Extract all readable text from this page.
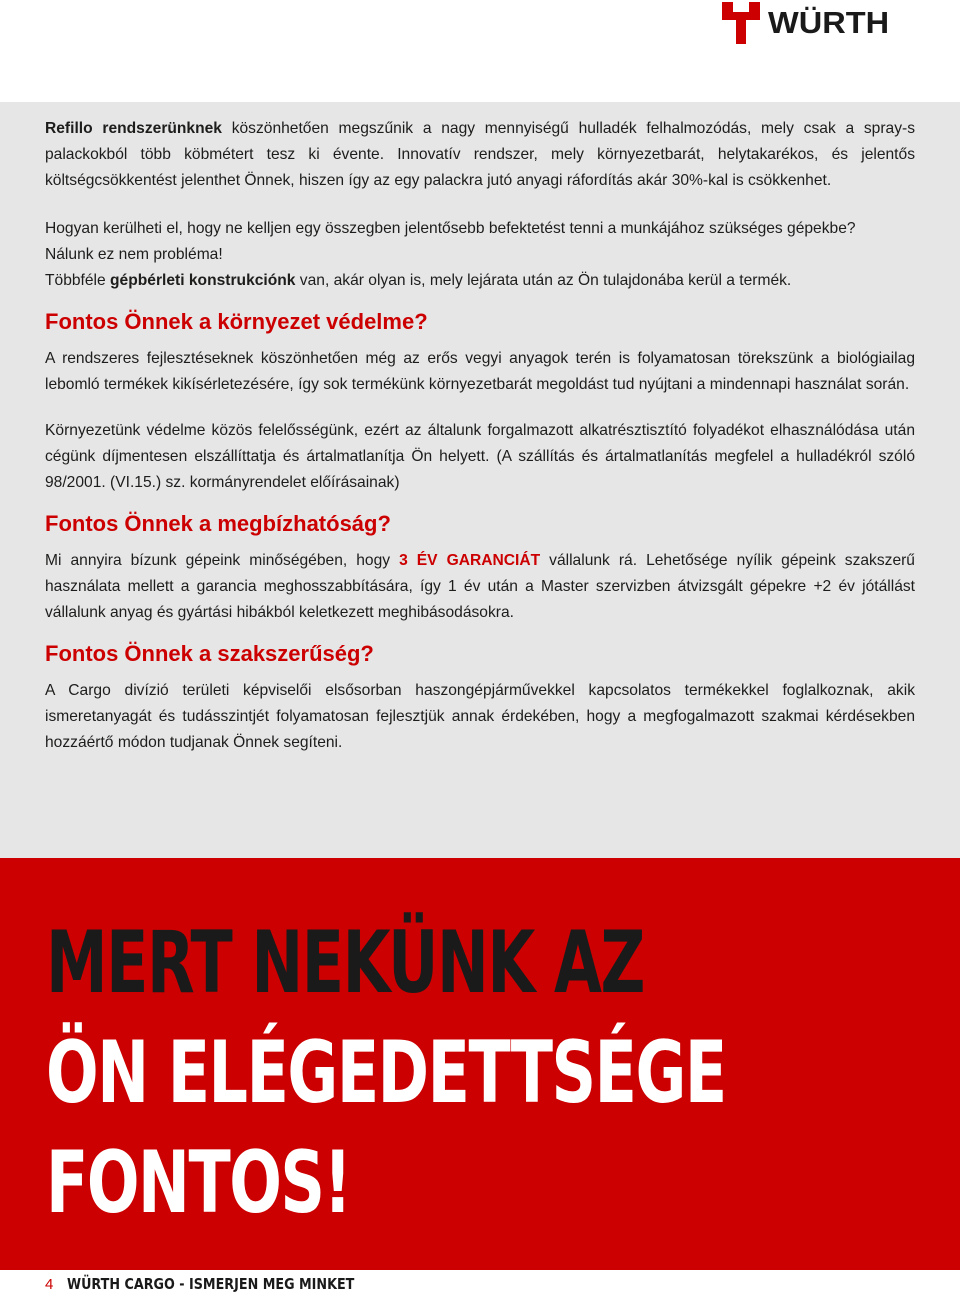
WÜRTH

Refillo rendszerünknek köszönhetően megszűnik a nagy mennyiségű hulladék felhalmozódás, mely csak a spray-s palackokból több köbmétert tesz ki évente. Innovatív rendszer, mely környezetbarát, helytakarékos, és jelentős költségcsökkentést jelenthet Önnek, hiszen így az egy palackra jutó anyagi ráfordítás akár 30%-kal is csökkenhet.

Hogyan kerülheti el, hogy ne kelljen egy összegben jelentősebb befektetést tenni a munkájához szükséges gépekbe?

Nálunk ez nem probléma!

Többféle gépbérleti konstrukciónk van, akár olyan is, mely lejárata után az Ön tulajdonába kerül a termék.

Fontos Önnek a környezet védelme?

A rendszeres fejlesztéseknek köszönhetően még az erős vegyi anyagok terén is folyamatosan törekszünk a biológiailag lebomló termékek kikísérletezésére, így sok termékünk környezetbarát megoldást tud nyújtani a mindennapi használat során.

Környezetünk védelme közös felelősségünk, ezért az általunk forgalmazott alkatrésztisztító folyadékot elhasználódása után cégünk díjmentesen elszállíttatja és ártalmatlanítja Ön helyett. (A szállítás és ártalmatlanítás megfelel a hulladékról szóló 98/2001. (VI.15.) sz. kormányrendelet előírásainak)

Fontos Önnek a megbízhatóság?

Mi annyira bízunk gépeink minőségében, hogy 3 ÉV GARANCIÁT vállalunk rá. Lehetősége nyílik gépeink szakszerű használata mellett a garancia meghosszabbítására, így 1 év után a Master szervizben átvizsgált gépekre +2 év jótállást vállalunk anyag és gyártási hibákból keletkezett meghibásodásokra.

Fontos Önnek a szakszerűség?

A Cargo divízió területi képviselői elsősorban haszongépjárművekkel kapcsolatos termékekkel foglalkoznak, akik ismeretanyagát és tudásszintjét folyamatosan fejlesztjük annak érdekében, hogy a megfogalmazott szakmai kérdésekben hozzáértő módon tudjanak Önnek segíteni.

MERT NEKÜNK AZ
ÖN ELÉGEDETTSÉGE
FONTOS!
4 WÜRTH CARGO - ISMERJEN MEG MINKET
